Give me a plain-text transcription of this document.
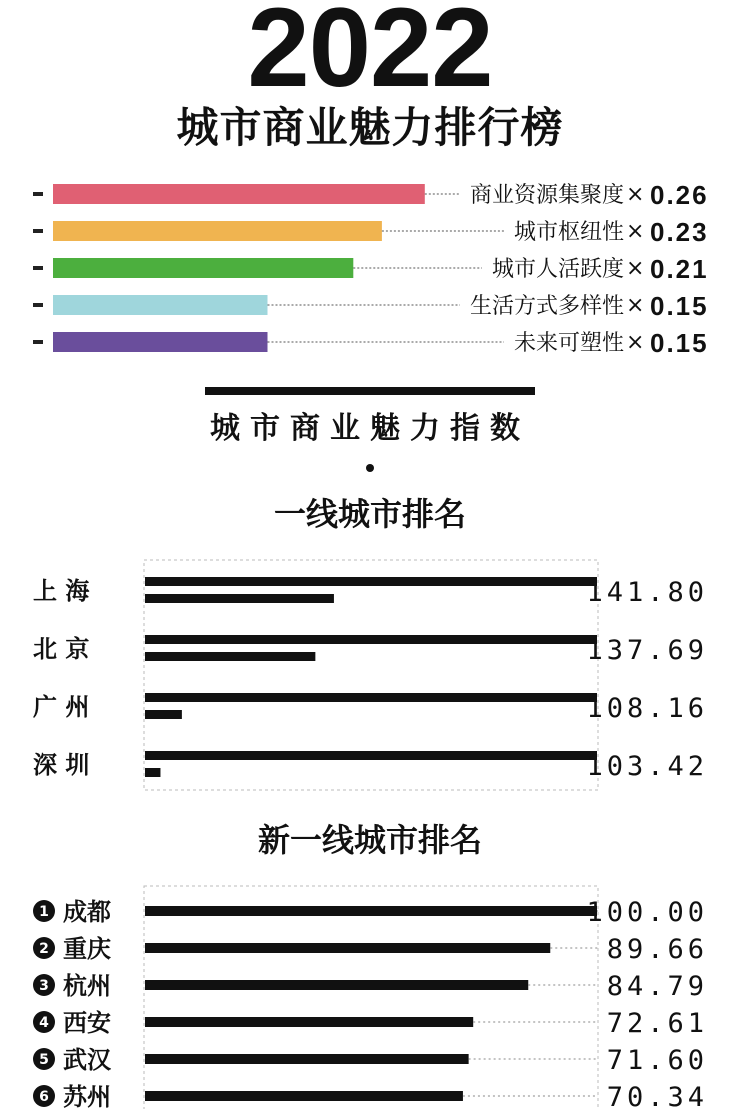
2022
城市商业魅力排行榜
商业资源集聚度 × 0.26
城市枢纽性 × 0.23
城市人活跃度 × 0.21
生活方式多样性 × 0.15
未来可塑性 × 0.15
城市商业魅力指数
一线城市排名
上 海	141.80
北 京	137.69
广 州	108.16
深 圳	103.42
新一线城市排名
1 成都	100.00
2 重庆	89.66
3 杭州	84.79
4 西安	72.61
5 武汉	71.60
6 苏州	70.34
